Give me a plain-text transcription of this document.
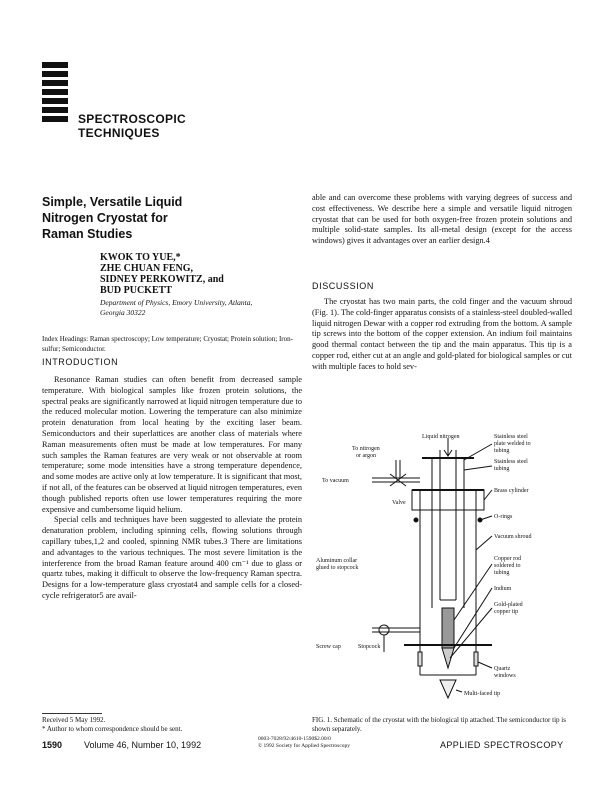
SPECTROSCOPIC
TECHNIQUES
Simple, Versatile Liquid
Nitrogen Cryostat for
Raman Studies
KWOK TO YUE,*
ZHE CHUAN FENG,
SIDNEY PERKOWITZ, and
BUD PUCKETT
Department of Physics, Emory University, Atlanta,
Georgia 30322
Index Headings: Raman spectroscopy; Low temperature; Cryostat; Protein solution; Iron-sulfur; Semiconductor.
INTRODUCTION

Resonance Raman studies can often benefit from decreased sample temperature. With biological samples like frozen protein solutions, the spectral peaks are significantly narrowed at liquid nitrogen temperature due to the reduced molecular motion. Lowering the temperature can also minimize protein denaturation from local heating by the exciting laser beam. Semiconductors and their superlattices are another class of materials where Raman measurements often must be made at low temperatures. For many such samples the Raman features are very weak or not observable at room temperature; some mode intensities have a strong temperature dependence, and some modes are active only at low temperature. It is significant that most, if not all, of the features can be observed at liquid nitrogen temperatures, even though published reports often use lower temperatures requiring the more expensive and cumbersome liquid helium.

Special cells and techniques have been suggested to alleviate the protein denaturation problem, including spinning cells, flowing solutions through capillary tubes,1,2 and cooled, spinning NMR tubes.3 There are limitations and advantages to the various techniques. The most severe limitation is the interference from the broad Raman feature around 400 cm⁻¹ due to glass or quartz tubes, making it difficult to observe the low-frequency Raman spectra. Designs for a low-temperature glass cryostat4 and sample cells for a closed-cycle refrigerator5 are avail-

able and can overcome these problems with varying degrees of success and cost effectiveness. We describe here a simple and versatile liquid nitrogen cryostat that can be used for both oxygen-free frozen protein solutions and multiple solid-state samples. Its all-metal design (except for the access windows) gives it advantages over an earlier design.4

DISCUSSION

The cryostat has two main parts, the cold finger and the vacuum shroud (Fig. 1). The cold-finger apparatus consists of a stainless-steel doubled-walled liquid nitrogen Dewar with a copper rod extruding from the bottom. A sample tip screws into the bottom of the copper extension. An indium foil maintains good thermal contact between the tip and the main apparatus. This tip is a copper rod, either cut at an angle and gold-plated for biological samples or cut with multiple faces to hold sev-

Liquid nitrogen
To nitrogen
or argon
To vacuum
Valve
Stainless steel
plate welded to
tubing
Stainless steel
tubing
Brass cylinder
O-rings
Vacuum shroud
Copper rod
soldered to
tubing
Indium
Gold-plated
copper tip
Aluminum collar
glued to stopcock
Screw cap	Stopcock
Quartz
windows
Multi-faced tip
FIG. 1. Schematic of the cryostat with the biological tip attached. The semiconductor tip is shown separately.
Received 5 May 1992.
* Author to whom correspondence should be sent.
1590 Volume 46, Number 10, 1992
0003-7028/92/4610-1590$2.00/0
© 1992 Society for Applied Spectroscopy	APPLIED SPECTROSCOPY
